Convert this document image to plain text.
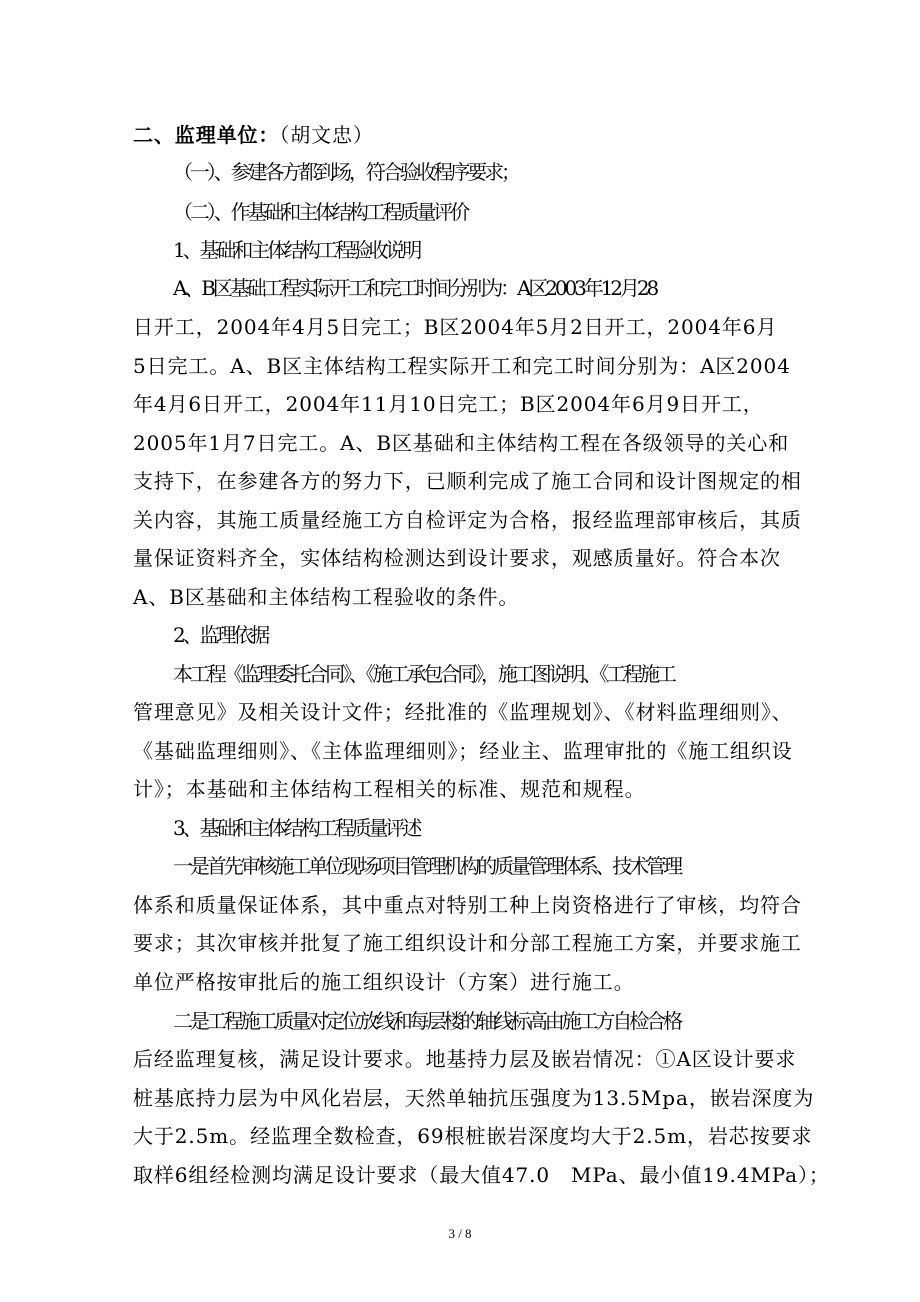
二、监理单位：（胡文忠）
（一）、参建各方都到场，符合验收程序要求；
（二）、作基础和主体结构工程质量评价
1、基础和主体结构工程验收说明
A、B区基础工程实际开工和完工时间分别为：A区2003年12月28
日开工，2004年4月5日完工；B区2004年5月2日开工，2004年6月
5日完工。A、B区主体结构工程实际开工和完工时间分别为：A区2004
年4月6日开工，2004年11月10日完工；B区2004年6月9日开工，
2005年1月7日完工。A、B区基础和主体结构工程在各级领导的关心和
支持下，在参建各方的努力下，已顺利完成了施工合同和设计图规定的相
关内容，其施工质量经施工方自检评定为合格，报经监理部审核后，其质
量保证资料齐全，实体结构检测达到设计要求，观感质量好。符合本次
A、B区基础和主体结构工程验收的条件。
2、监理依据
本工程《监理委托合同》、《施工承包合同》，施工图说明、《工程施工
管理意见》及相关设计文件；经批准的《监理规划》、《材料监理细则》、
《基础监理细则》、《主体监理细则》；经业主、监理审批的《施工组织设
计》；本基础和主体结构工程相关的标准、规范和规程。
3、基础和主体结构工程质量评述
一是首先审核施工单位现场项目管理机构的质量管理体系、技术管理
体系和质量保证体系，其中重点对特别工种上岗资格进行了审核，均符合
要求；其次审核并批复了施工组织设计和分部工程施工方案，并要求施工
单位严格按审批后的施工组织设计（方案）进行施工。
二是工程施工质量对定位放线和每层楼的轴线标高由施工方自检合格
后经监理复核，满足设计要求。地基持力层及嵌岩情况：①A区设计要求
桩基底持力层为中风化岩层，天然单轴抗压强度为13.5Mpa，嵌岩深度为
大于2.5m。经监理全数检查，69根桩嵌岩深度均大于2.5m，岩芯按要求
取样6组经检测均满足设计要求（最大值47.0　MPa、最小值19.4MPa）；
3 / 8
